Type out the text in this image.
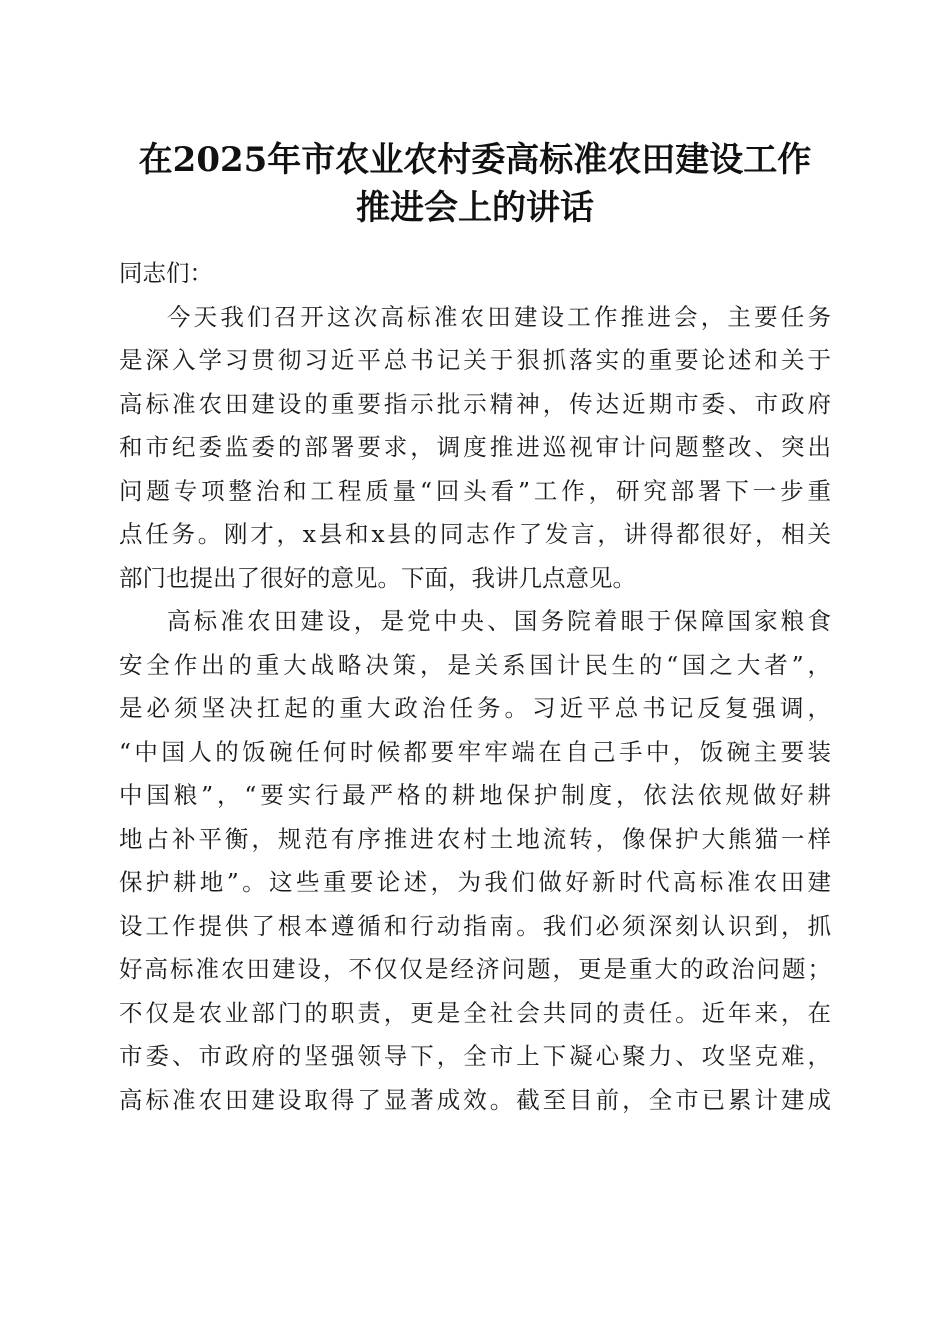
在2025年市农业农村委高标准农田建设工作
推进会上的讲话
同志们：
今天我们召开这次高标准农田建设工作推进会，主要任务
是深入学习贯彻习近平总书记关于狠抓落实的重要论述和关于
高标准农田建设的重要指示批示精神，传达近期市委、市政府
和市纪委监委的部署要求，调度推进巡视审计问题整改、突出
问题专项整治和工程质量“回头看”工作，研究部署下一步重
点任务。刚才，x县和x县的同志作了发言，讲得都很好，相关
部门也提出了很好的意见。下面，我讲几点意见。
高标准农田建设，是党中央、国务院着眼于保障国家粮食
安全作出的重大战略决策，是关系国计民生的“国之大者”，
是必须坚决扛起的重大政治任务。习近平总书记反复强调，
“中国人的饭碗任何时候都要牢牢端在自己手中，饭碗主要装
中国粮”，“要实行最严格的耕地保护制度，依法依规做好耕
地占补平衡，规范有序推进农村土地流转，像保护大熊猫一样
保护耕地”。这些重要论述，为我们做好新时代高标准农田建
设工作提供了根本遵循和行动指南。我们必须深刻认识到，抓
好高标准农田建设，不仅仅是经济问题，更是重大的政治问题；
不仅是农业部门的职责，更是全社会共同的责任。近年来，在
市委、市政府的坚强领导下，全市上下凝心聚力、攻坚克难，
高标准农田建设取得了显著成效。截至目前，全市已累计建成
